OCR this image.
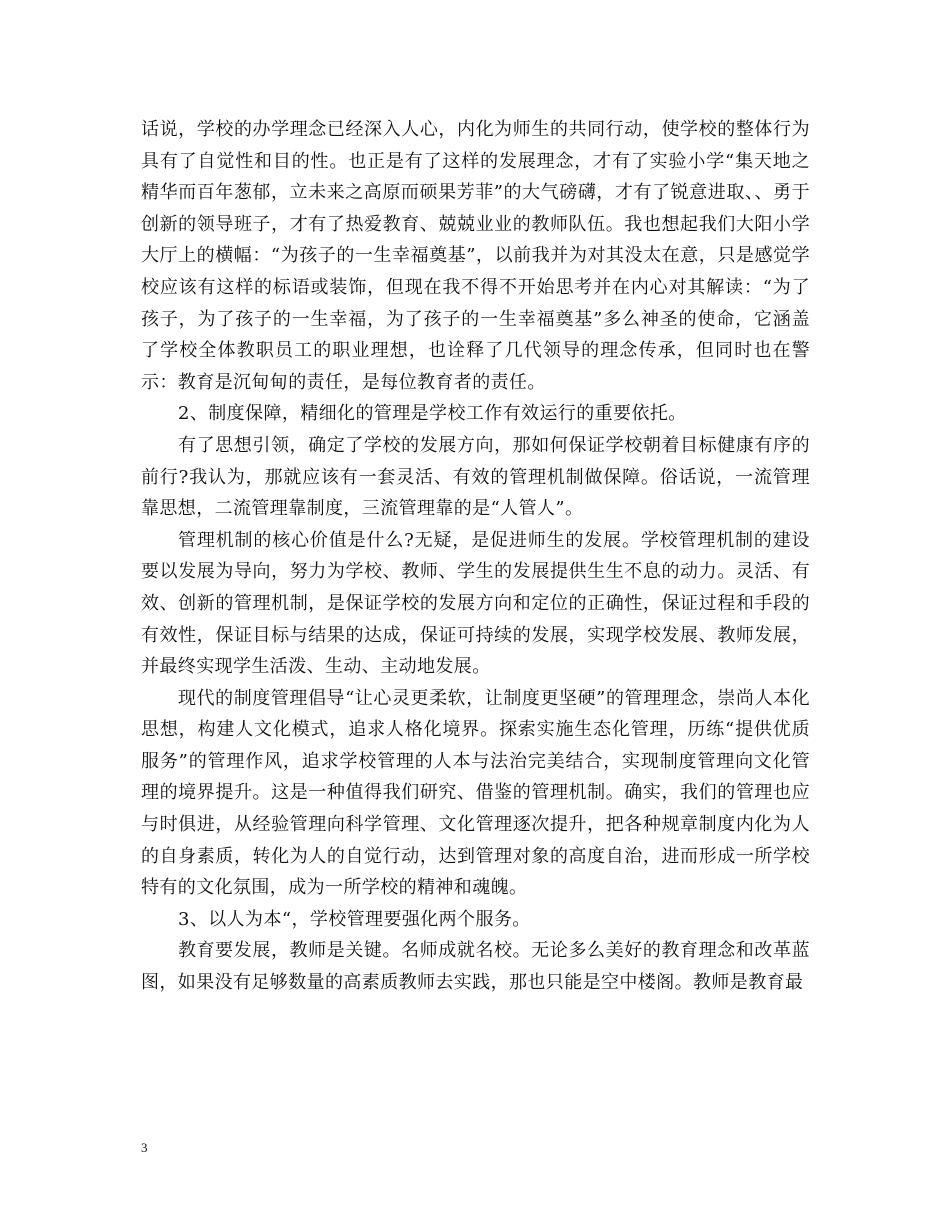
话说，学校的办学理念已经深入人心，内化为师生的共同行动，使学校的整体行为具有了自觉性和目的性。也正是有了这样的发展理念，才有了实验小学“集天地之精华而百年葱郁，立未来之高原而硕果芳菲”的大气磅礴，才有了锐意进取、、勇于创新的领导班子，才有了热爱教育、兢兢业业的教师队伍。我也想起我们大阳小学大厅上的横幅：“为孩子的一生幸福奠基”，以前我并为对其没太在意，只是感觉学校应该有这样的标语或装饰，但现在我不得不开始思考并在内心对其解读：“为了孩子，为了孩子的一生幸福，为了孩子的一生幸福奠基”多么神圣的使命，它涵盖了学校全体教职员工的职业理想，也诠释了几代领导的理念传承，但同时也在警示：教育是沉甸甸的责任，是每位教育者的责任。

2、制度保障，精细化的管理是学校工作有效运行的重要依托。

有了思想引领，确定了学校的发展方向，那如何保证学校朝着目标健康有序的前行?我认为，那就应该有一套灵活、有效的管理机制做保障。俗话说，一流管理靠思想，二流管理靠制度，三流管理靠的是“人管人”。

管理机制的核心价值是什么?无疑，是促进师生的发展。学校管理机制的建设要以发展为导向，努力为学校、教师、学生的发展提供生生不息的动力。灵活、有效、创新的管理机制，是保证学校的发展方向和定位的正确性，保证过程和手段的有效性，保证目标与结果的达成，保证可持续的发展，实现学校发展、教师发展，并最终实现学生活泼、生动、主动地发展。

现代的制度管理倡导“让心灵更柔软，让制度更坚硬”的管理理念，崇尚人本化思想，构建人文化模式，追求人格化境界。探索实施生态化管理，历练“提供优质服务”的管理作风，追求学校管理的人本与法治完美结合，实现制度管理向文化管理的境界提升。这是一种值得我们研究、借鉴的管理机制。确实，我们的管理也应与时俱进，从经验管理向科学管理、文化管理逐次提升，把各种规章制度内化为人的自身素质，转化为人的自觉行动，达到管理对象的高度自治，进而形成一所学校特有的文化氛围，成为一所学校的精神和魂魄。

3、以人为本“，学校管理要强化两个服务。

教育要发展，教师是关键。名师成就名校。无论多么美好的教育理念和改革蓝图，如果没有足够数量的高素质教师去实践，那也只能是空中楼阁。教师是教育最

3
